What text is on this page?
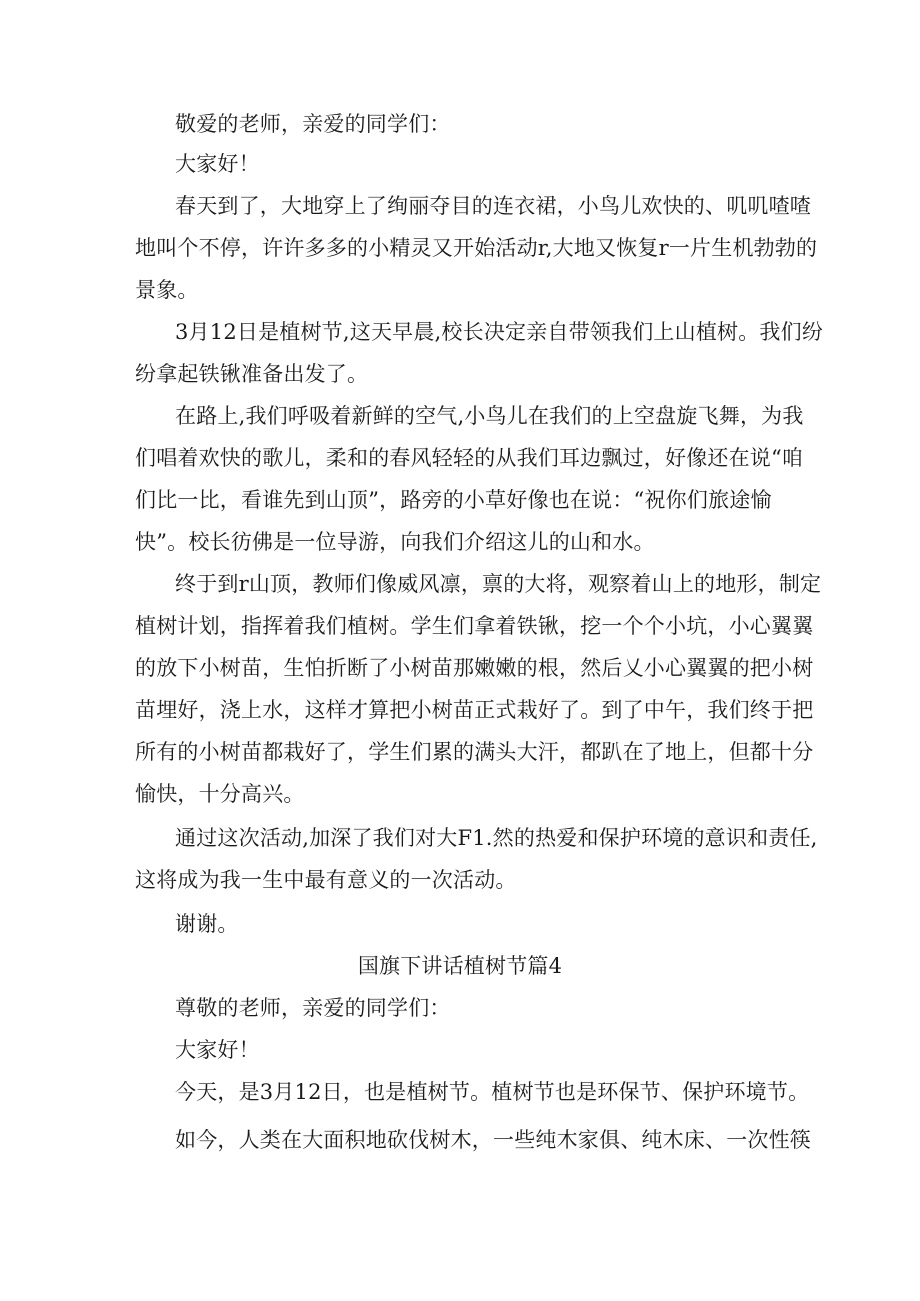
敬爱的老师，亲爱的同学们：
大家好！
春天到了，大地穿上了绚丽夺目的连衣裙，小鸟儿欢快的、叽叽喳喳
地叫个不停，许许多多的小精灵又开始活动r,大地又恢复r一片生机勃勃的
景象。
3月12日是植树节,这天早晨,校长决定亲自带领我们上山植树。我们纷
纷拿起铁锹准备出发了。
在路上,我们呼吸着新鲜的空气,小鸟儿在我们的上空盘旋飞舞，为我
们唱着欢快的歌儿，柔和的春风轻轻的从我们耳边飘过，好像还在说“咱
们比一比，看谁先到山顶”，路旁的小草好像也在说：“祝你们旅途愉
快”。校长彷佛是一位导游，向我们介绍这儿的山和水。
终于到r山顶，教师们像威风凛，禀的大将，观察着山上的地形，制定
植树计划，指挥着我们植树。学生们拿着铁锹，挖一个个小坑，小心翼翼
的放下小树苗，生怕折断了小树苗那嫩嫩的根，然后乂小心翼翼的把小树
苗埋好，浇上水，这样才算把小树苗正式栽好了。到了中午，我们终于把
所有的小树苗都栽好了，学生们累的满头大汗，都趴在了地上，但都十分
愉快，十分高兴。
通过这次活动,加深了我们对大F1.然的热爱和保护环境的意识和责任,
这将成为我一生中最有意义的一次活动。
谢谢。
国旗下讲话植树节篇4
尊敬的老师，亲爱的同学们：
大家好！
今天，是3月12日，也是植树节。植树节也是环保节、保护环境节。
如今，人类在大面积地砍伐树木，一些纯木家俱、纯木床、一次性筷
